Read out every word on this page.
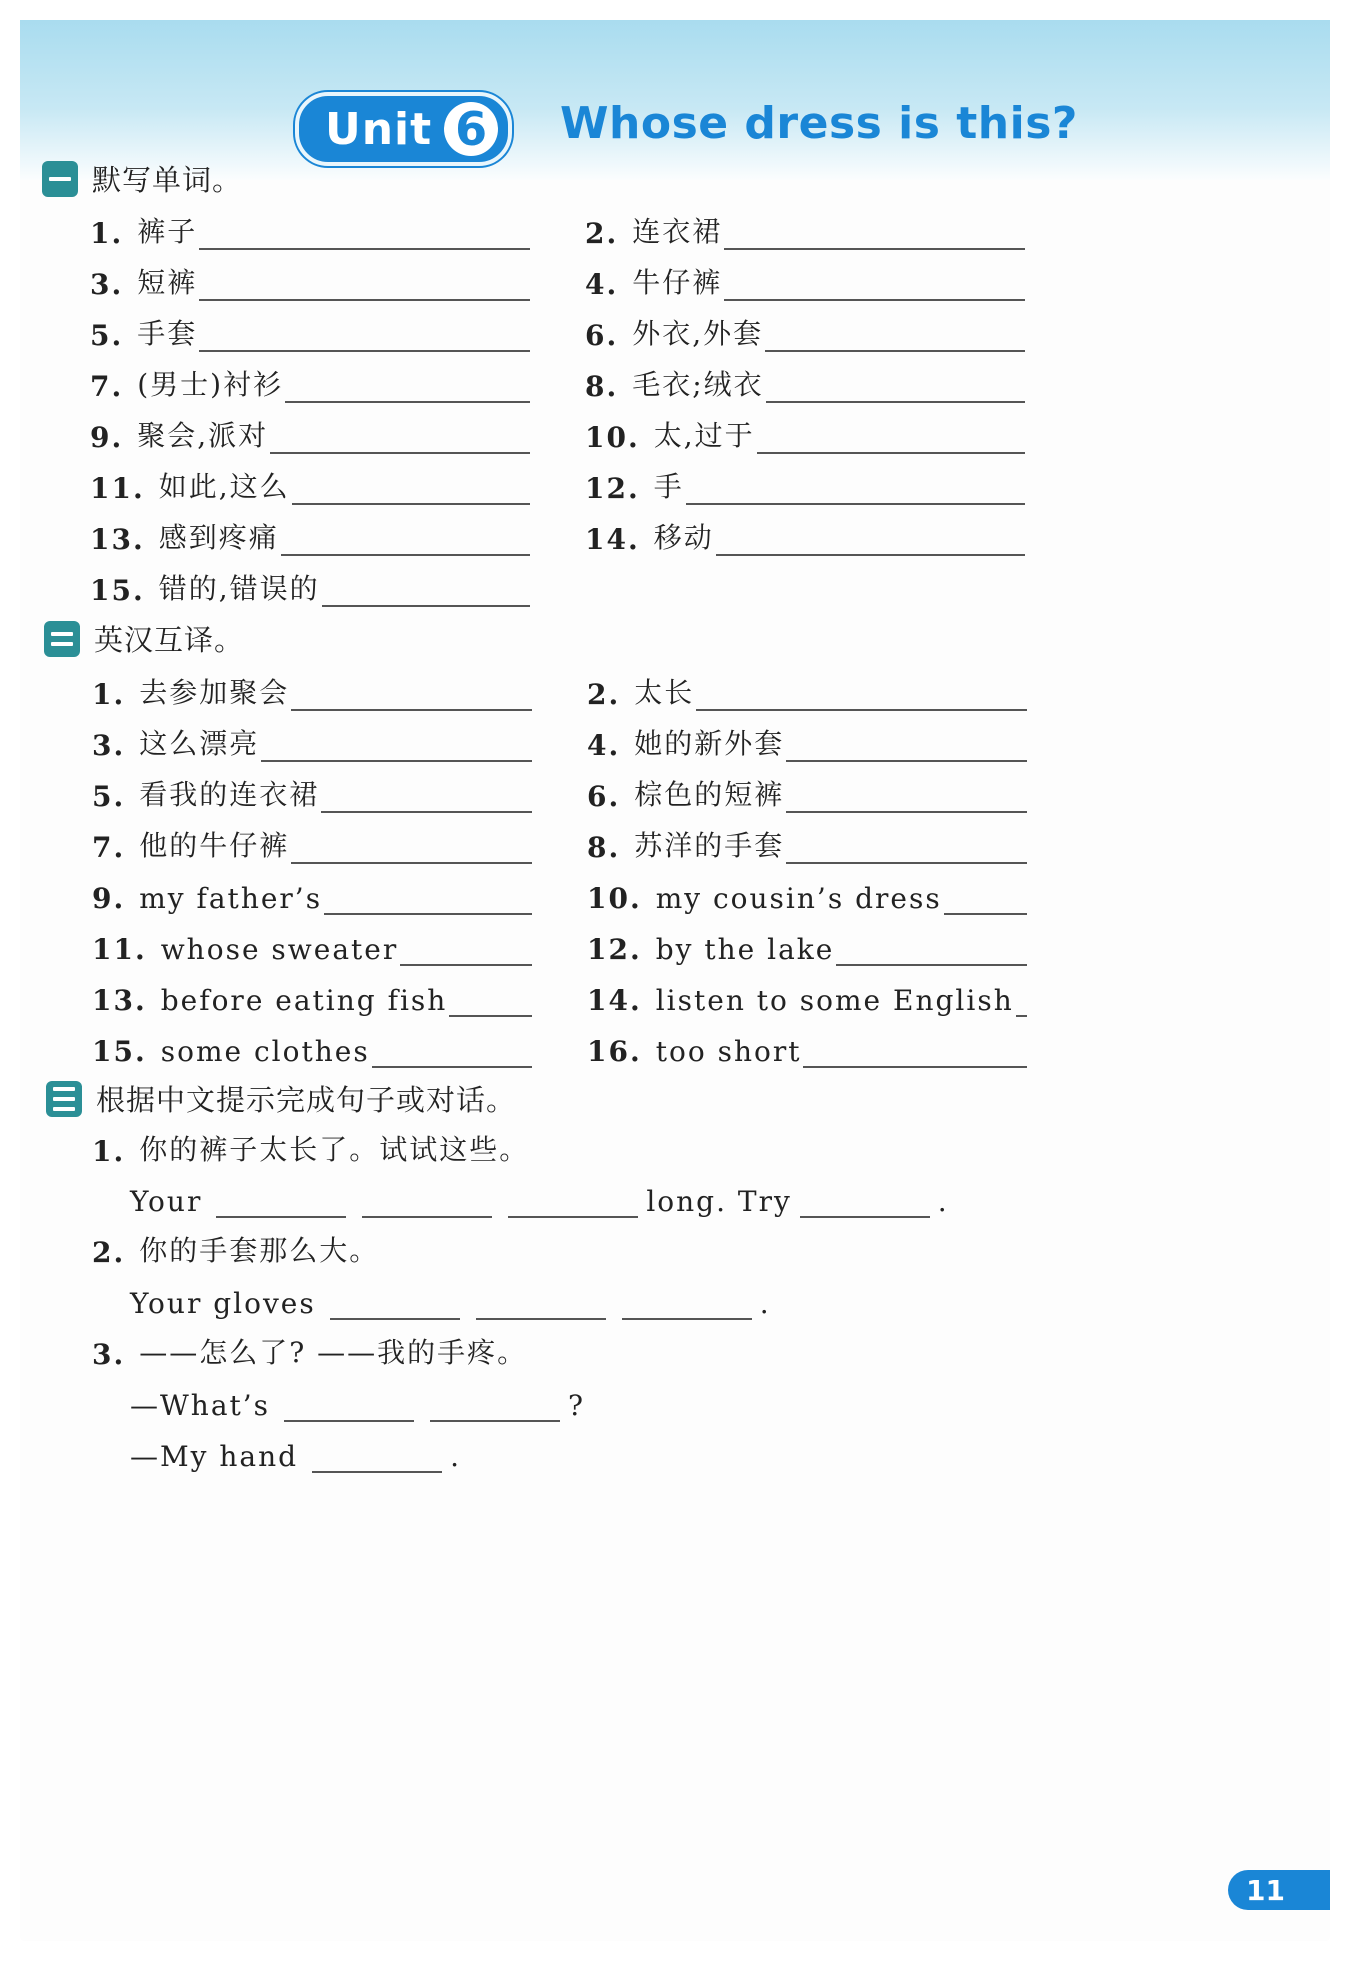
Unit 6 Whose dress is this?
默写单词。
1. 裤子	2. 连衣裙
3. 短裤	4. 牛仔裤
5. 手套	6. 外衣,外套
7. (男士)衬衫	8. 毛衣;绒衣
9. 聚会,派对	10. 太,过于
11. 如此,这么	12. 手
13. 感到疼痛	14. 移动
15. 错的,错误的
英汉互译。
1. 去参加聚会	2. 太长
3. 这么漂亮	4. 她的新外套
5. 看我的连衣裙	6. 棕色的短裤
7. 他的牛仔裤	8. 苏洋的手套
9. my father’s	10. my cousin’s dress
11. whose sweater	12. by the lake
13. before eating fish	14. listen to some English
15. some clothes	16. too short
根据中文提示完成句子或对话。
1. 你的裤子太长了。试试这些。
Your	long. Try	.
2. 你的手套那么大。
Your gloves	.
3. ——怎么了? ——我的手疼。
—What’s	?
—My hand	.
11
